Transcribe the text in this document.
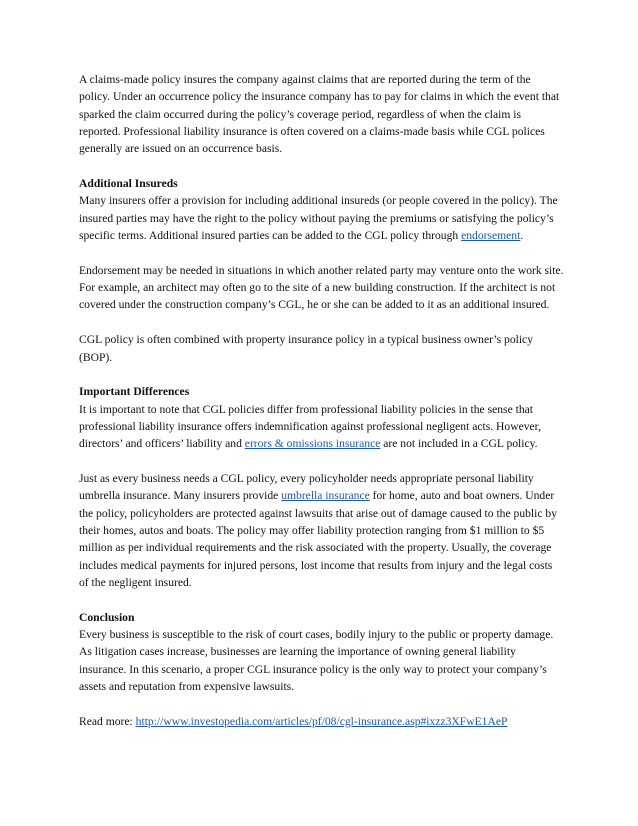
A claims-made policy insures the company against claims that are reported during the term of the policy. Under an occurrence policy the insurance company has to pay for claims in which the event that sparked the claim occurred during the policy’s coverage period, regardless of when the claim is reported. Professional liability insurance is often covered on a claims-made basis while CGL polices generally are issued on an occurrence basis.

Additional Insureds
Many insurers offer a provision for including additional insureds (or people covered in the policy). The insured parties may have the right to the policy without paying the premiums or satisfying the policy’s specific terms. Additional insured parties can be added to the CGL policy through endorsement.

Endorsement may be needed in situations in which another related party may venture onto the work site. For example, an architect may often go to the site of a new building construction. If the architect is not covered under the construction company’s CGL, he or she can be added to it as an additional insured.

CGL policy is often combined with property insurance policy in a typical business owner’s policy (BOP).

Important Differences
It is important to note that CGL policies differ from professional liability policies in the sense that professional liability insurance offers indemnification against professional negligent acts. However, directors’ and officers’ liability and errors & omissions insurance are not included in a CGL policy.

Just as every business needs a CGL policy, every policyholder needs appropriate personal liability umbrella insurance. Many insurers provide umbrella insurance for home, auto and boat owners. Under the policy, policyholders are protected against lawsuits that arise out of damage caused to the public by their homes, autos and boats. The policy may offer liability protection ranging from $1 million to $5 million as per individual requirements and the risk associated with the property. Usually, the coverage includes medical payments for injured persons, lost income that results from injury and the legal costs of the negligent insured.

Conclusion
Every business is susceptible to the risk of court cases, bodily injury to the public or property damage. As litigation cases increase, businesses are learning the importance of owning general liability insurance. In this scenario, a proper CGL insurance policy is the only way to protect your company’s assets and reputation from expensive lawsuits.

Read more: http://www.investopedia.com/articles/pf/08/cgl-insurance.asp#ixzz3XFwE1AeP
